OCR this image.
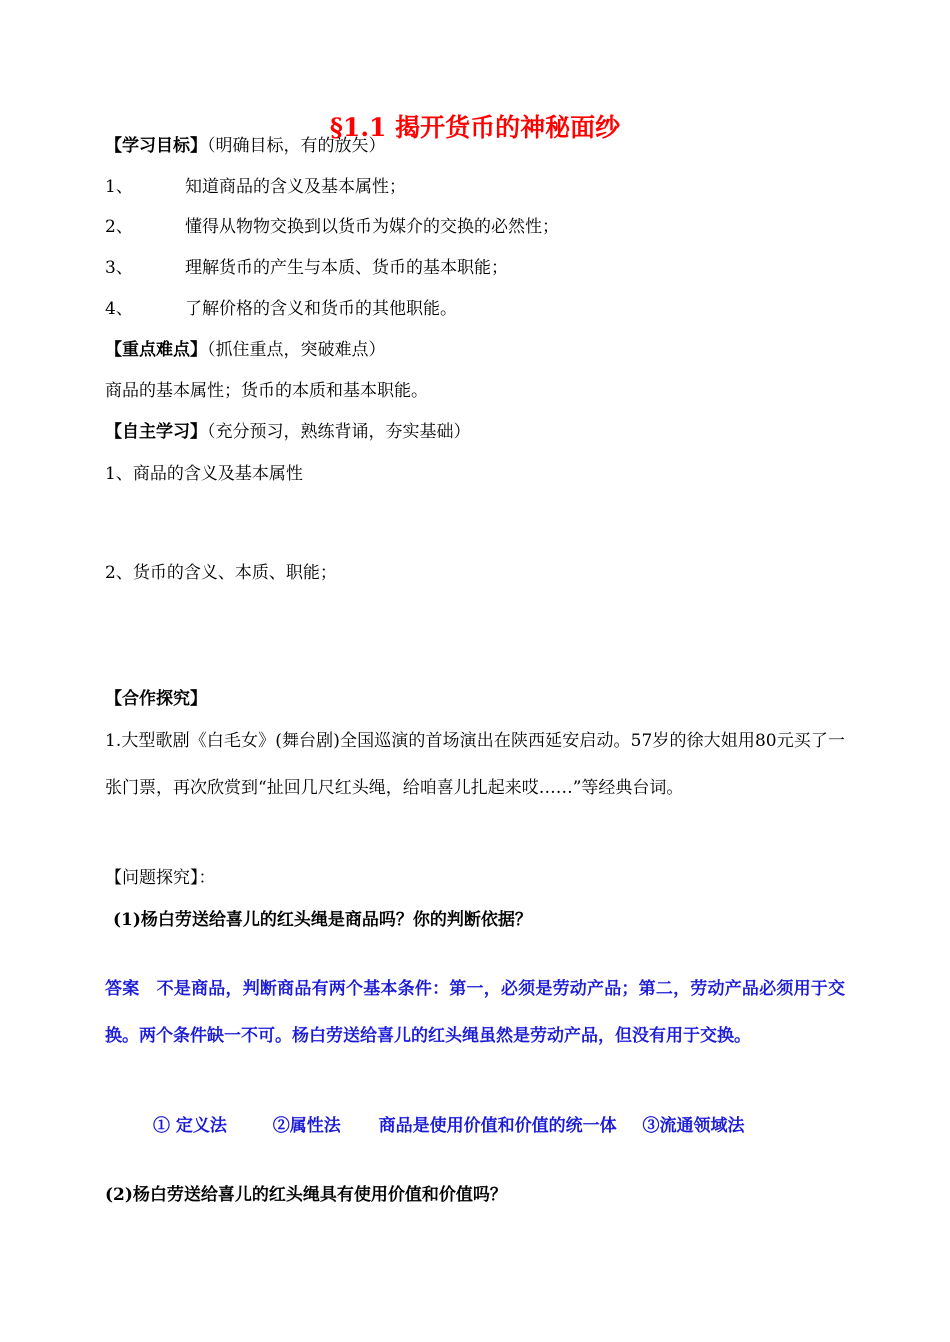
§1.1 揭开货币的神秘面纱
【学习目标】（明确目标，有的放矢）
1、	知道商品的含义及基本属性；
2、	懂得从物物交换到以货币为媒介的交换的必然性；
3、	理解货币的产生与本质、货币的基本职能；
4、	了解价格的含义和货币的其他职能。
【重点难点】（抓住重点，突破难点）
商品的基本属性；货币的本质和基本职能。
【自主学习】（充分预习，熟练背诵，夯实基础）
1、商品的含义及基本属性
2、货币的含义、本质、职能；
【合作探究】
1.大型歌剧《白毛女》(舞台剧)全国巡演的首场演出在陕西延安启动。57岁的徐大姐用80元买了一张门票，再次欣赏到“扯回几尺红头绳，给咱喜儿扎起来哎……”等经典台词。
【问题探究】：
(1)杨白劳送给喜儿的红头绳是商品吗？你的判断依据？
答案　不是商品，判断商品有两个基本条件：第一，必须是劳动产品；第二，劳动产品必须用于交换。两个条件缺一不可。杨白劳送给喜儿的红头绳虽然是劳动产品，但没有用于交换。
① 定义法	②属性法 商品是使用价值和价值的统一体 ③流通领域法
(2)杨白劳送给喜儿的红头绳具有使用价值和价值吗？
